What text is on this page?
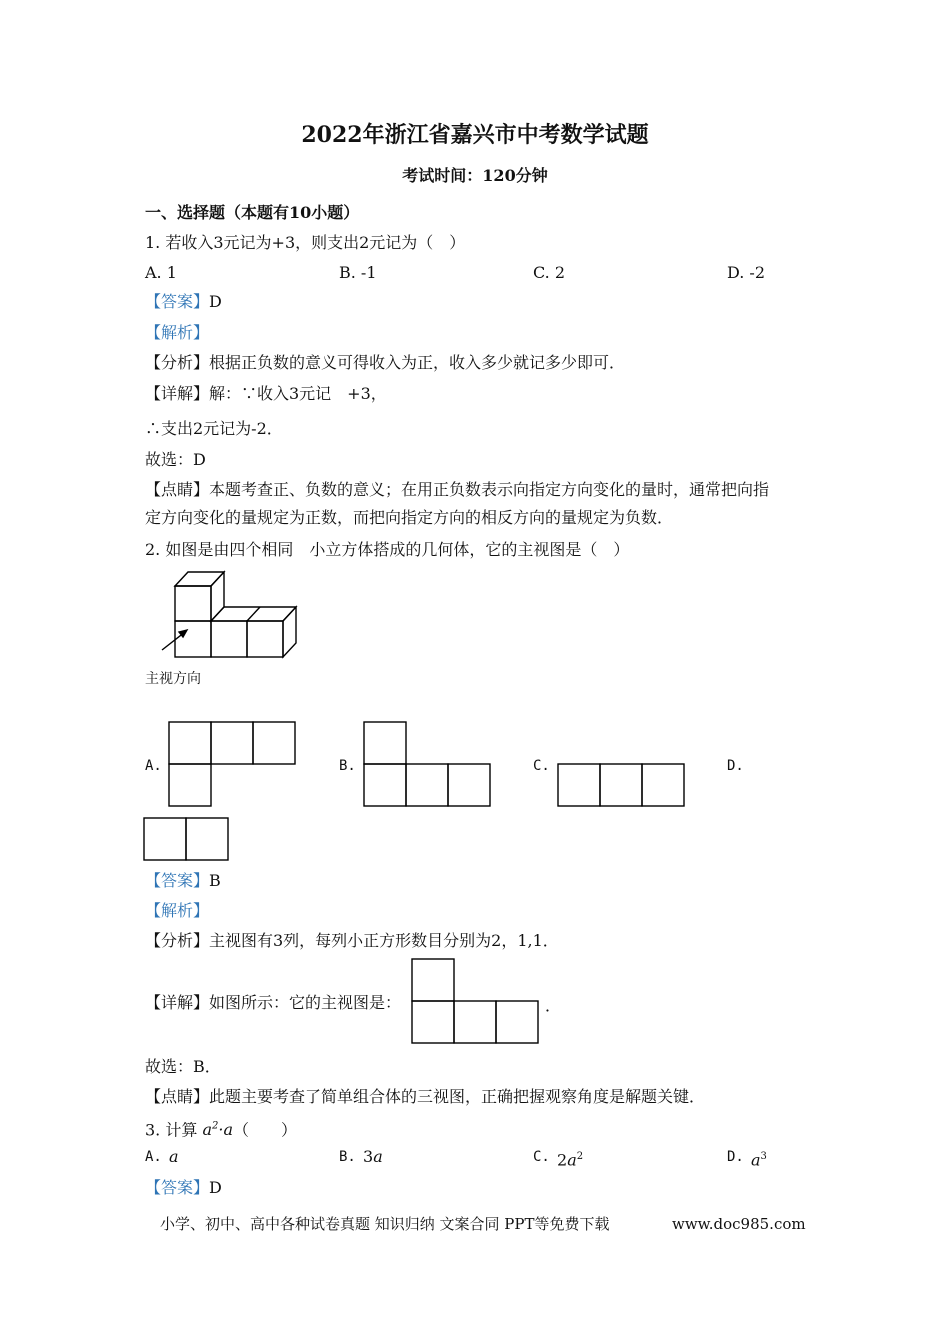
2022年浙江省嘉兴市中考数学试题
考试时间：120分钟
一、选择题（本题有10小题）
1. 若收入3元记为+3，则支出2元记为（　）
A. 1	B. -1	C. 2	D. -2
【答案】D
【解析】
【分析】根据正负数的意义可得收入为正，收入多少就记多少即可．
【详解】解：∵收入3元记　+3，
∴支出2元记为-2．
故选：D
【点睛】本题考查正、负数的意义；在用正负数表示向指定方向变化的量时，通常把向指
定方向变化的量规定为正数，而把向指定方向的相反方向的量规定为负数．
2. 如图是由四个相同　小立方体搭成的几何体，它的主视图是（　）
主视方向
A.	B.	C.	D.
【答案】B
【解析】
【分析】主视图有3列，每列小正方形数目分别为2，1,1．
【详解】如图所示：它的主视图是：	．
故选：B．
【点睛】此题主要考查了简单组合体的三视图，正确把握观察角度是解题关键．
3. 计算 $a^2\cdot a$（　　）
A. a	B. 3a	C. $2a^2$	D. $a^3$
【答案】D
小学、初中、高中各种试卷真题 知识归纳 文案合同 PPT等免费下载	www.doc985.com
